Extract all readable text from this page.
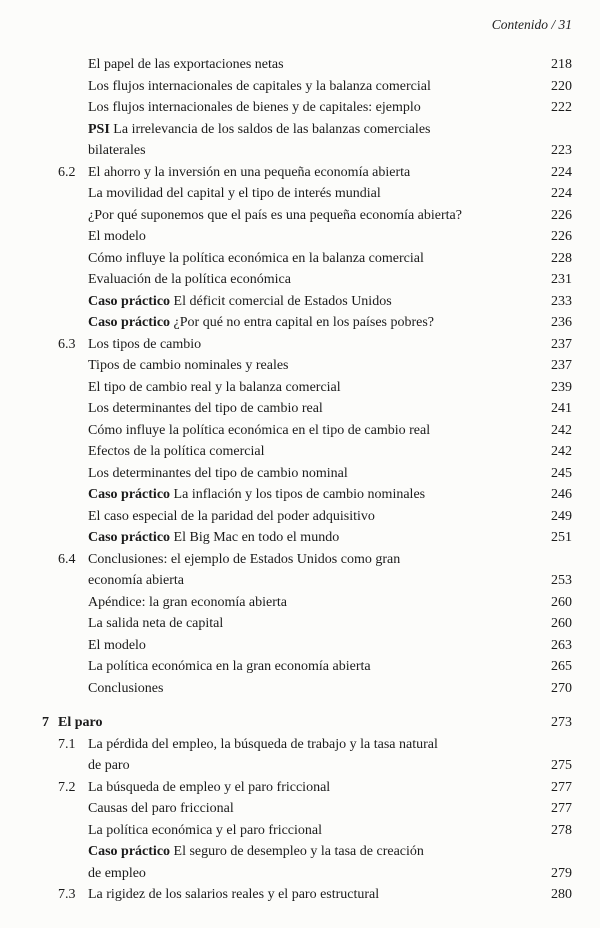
Contenido / 31
El papel de las exportaciones netas	218
Los flujos internacionales de capitales y la balanza comercial	220
Los flujos internacionales de bienes y de capitales: ejemplo	222
PSI La irrelevancia de los saldos de las balanzas comerciales
bilaterales	223
6.2 El ahorro y la inversión en una pequeña economía abierta	224
La movilidad del capital y el tipo de interés mundial	224
¿Por qué suponemos que el país es una pequeña economía abierta?	226
El modelo	226
Cómo influye la política económica en la balanza comercial	228
Evaluación de la política económica	231
Caso práctico El déficit comercial de Estados Unidos	233
Caso práctico ¿Por qué no entra capital en los países pobres?	236
6.3 Los tipos de cambio	237
Tipos de cambio nominales y reales	237
El tipo de cambio real y la balanza comercial	239
Los determinantes del tipo de cambio real	241
Cómo influye la política económica en el tipo de cambio real	242
Efectos de la política comercial	242
Los determinantes del tipo de cambio nominal	245
Caso práctico La inflación y los tipos de cambio nominales	246
El caso especial de la paridad del poder adquisitivo	249
Caso práctico El Big Mac en todo el mundo	251
6.4 Conclusiones: el ejemplo de Estados Unidos como gran
economía abierta	253
Apéndice: la gran economía abierta	260
La salida neta de capital	260
El modelo	263
La política económica en la gran economía abierta	265
Conclusiones	270
7 El paro	273
7.1 La pérdida del empleo, la búsqueda de trabajo y la tasa natural
de paro	275
7.2 La búsqueda de empleo y el paro friccional	277
Causas del paro friccional	277
La política económica y el paro friccional	278
Caso práctico El seguro de desempleo y la tasa de creación
de empleo	279
7.3 La rigidez de los salarios reales y el paro estructural	280
